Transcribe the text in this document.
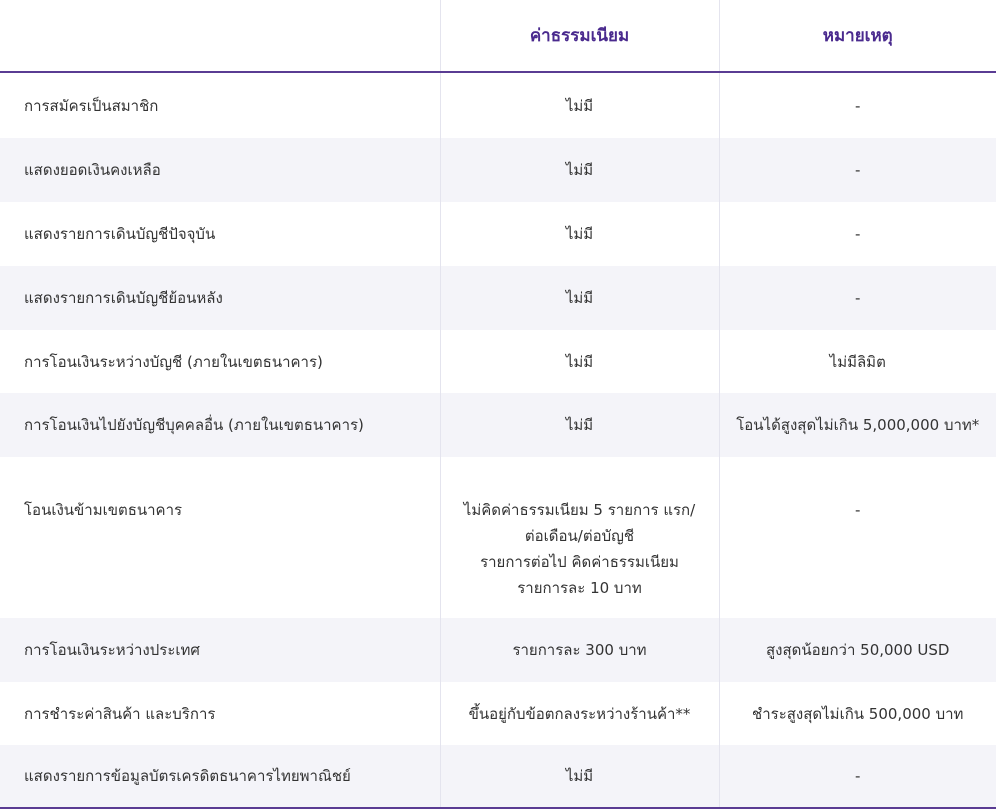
	ค่าธรรมเนียม	หมายเหตุ
การสมัครเป็นสมาชิก	ไม่มี	-
แสดงยอดเงินคงเหลือ	ไม่มี	-
แสดงรายการเดินบัญชีปัจจุบัน	ไม่มี	-
แสดงรายการเดินบัญชีย้อนหลัง	ไม่มี	-
การโอนเงินระหว่างบัญชี (ภายในเขตธนาคาร)	ไม่มี	ไม่มีลิมิต
การโอนเงินไปยังบัญชีบุคคลอื่น (ภายในเขตธนาคาร)	ไม่มี	โอนได้สูงสุดไม่เกิน 5,000,000 บาท*
โอนเงินข้ามเขตธนาคาร	ไม่คิดค่าธรรมเนียม 5 รายการ แรก/
ต่อเดือน/ต่อบัญชี
รายการต่อไป คิดค่าธรรมเนียม
รายการละ 10 บาท	-
การโอนเงินระหว่างประเทศ	รายการละ 300 บาท	สูงสุดน้อยกว่า 50,000 USD
การชำระค่าสินค้า และบริการ	ขึ้นอยู่กับข้อตกลงระหว่างร้านค้า**	ชำระสูงสุดไม่เกิน 500,000 บาท
แสดงรายการข้อมูลบัตรเครดิตธนาคารไทยพาณิชย์	ไม่มี	-
